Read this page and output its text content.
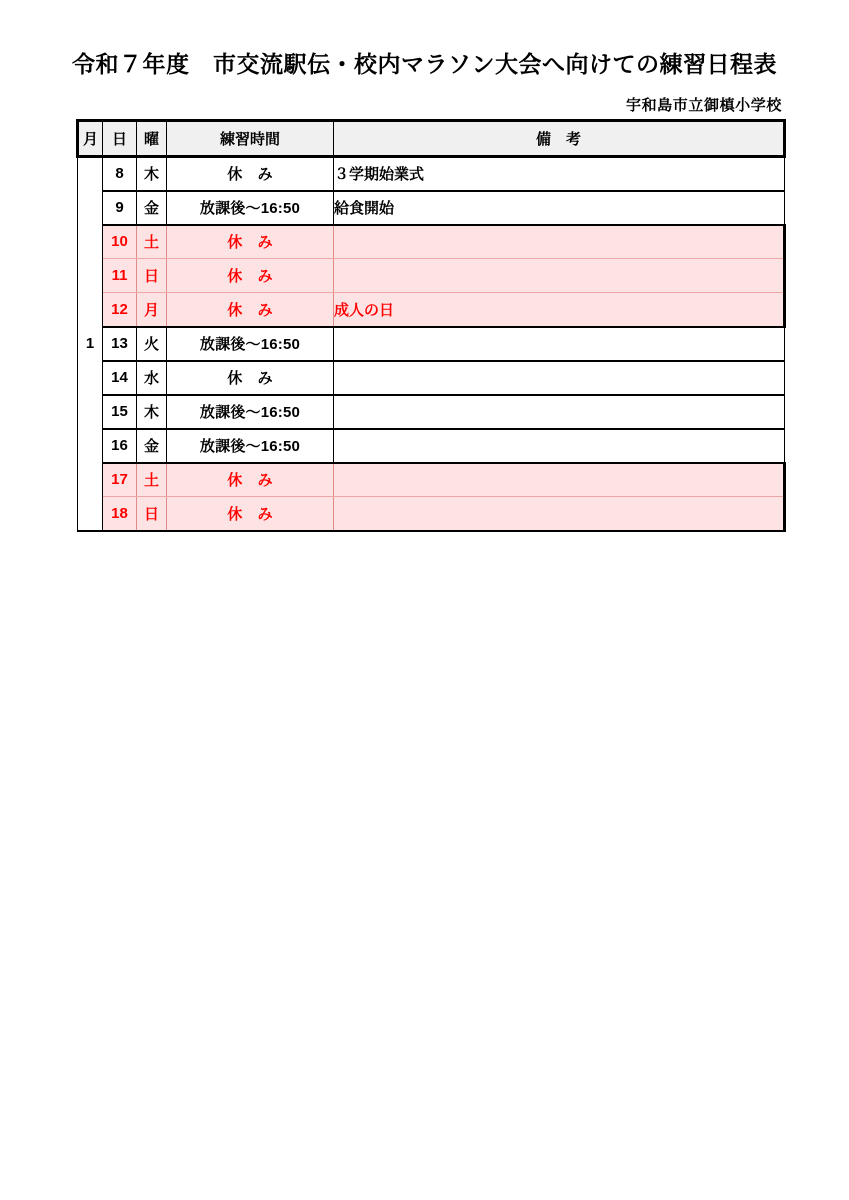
令和７年度　市交流駅伝・校内マラソン大会へ向けての練習日程表
宇和島市立御槙小学校
月	日	曜	練習時間	備　考
1	8	木	休　み	３学期始業式
	9	金	放課後～16:50	給食開始
	10	土	休　み	
	11	日	休　み	
	12	月	休　み	成人の日
	13	火	放課後～16:50	
	14	水	休　み	
	15	木	放課後～16:50	
	16	金	放課後～16:50	
	17	土	休　み	
	18	日	休　み	
